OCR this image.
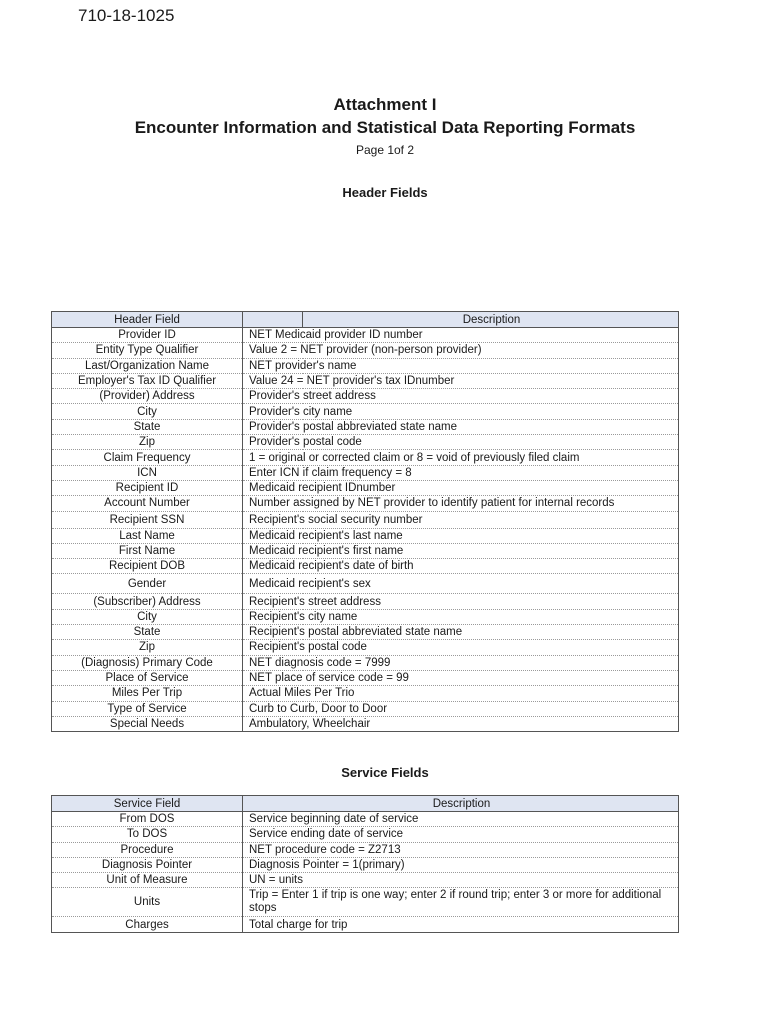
710-18-1025
Attachment I
Encounter Information and Statistical Data Reporting Formats
Page 1of 2
Header Fields
Header Field		Description
Provider ID	NET Medicaid provider ID number	
Entity Type Qualifier	Value 2 = NET provider (non-person provider)	
Last/Organization Name	NET provider's name	
Employer's Tax ID Qualifier	Value 24 = NET provider's tax IDnumber	
(Provider) Address	Provider's street address	
City	Provider's city name	
State	Provider's postal abbreviated state name	
Zip	Provider's postal code	
Claim Frequency	1 = original or corrected claim or 8 = void of previously filed claim	
ICN	Enter ICN if claim frequency = 8	
Recipient ID	Medicaid recipient IDnumber	
Account Number	Number assigned by NET provider to identify patient for internal records	
Recipient SSN	Recipient's social security number	
Last Name	Medicaid recipient's last name	
First Name	Medicaid recipient's first name	
Recipient DOB	Medicaid recipient's date of birth	
Gender	Medicaid recipient's sex	
(Subscriber) Address	Recipient's street address	
City	Recipient's city name	
State	Recipient's postal abbreviated state name	
Zip	Recipient's postal code	
(Diagnosis) Primary Code	NET diagnosis code = 7999	
Place of Service	NET place of service code = 99	
Miles Per Trip	Actual Miles Per Trio	
Type of Service	Curb to Curb, Door to Door	
Special Needs	Ambulatory, Wheelchair	
Service Fields
Service Field	Description
From DOS	Service beginning date of service
To DOS	Service ending date of service
Procedure	NET procedure code = Z2713
Diagnosis Pointer	Diagnosis Pointer = 1(primary)
Unit of Measure	UN = units
Units	Trip = Enter 1 if trip is one way; enter 2 if round trip; enter 3 or more for additional stops
Charges	Total charge for trip
